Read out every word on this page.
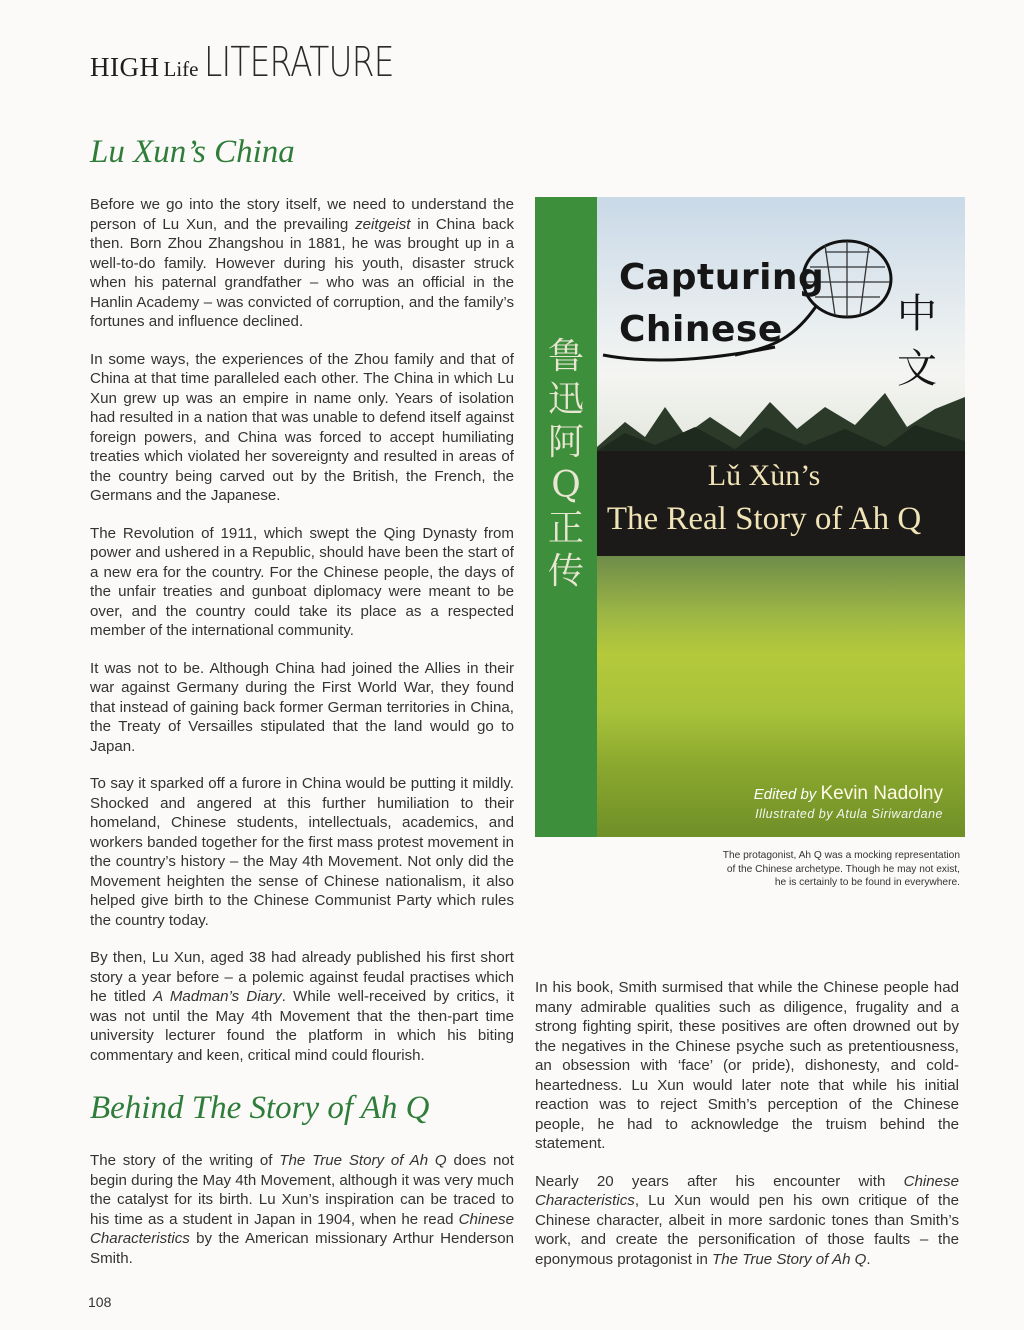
HIGH Life LITERATURE
Lu Xun’s China

Before we go into the story itself, we need to understand the person of Lu Xun, and the prevailing zeitgeist in China back then. Born Zhou Zhangshou in 1881, he was brought up in a well-to-do family. However during his youth, disaster struck when his paternal grandfather – who was an official in the Hanlin Academy – was convicted of corruption, and the family’s fortunes and influence declined.

In some ways, the experiences of the Zhou family and that of China at that time paralleled each other. The China in which Lu Xun grew up was an empire in name only. Years of isolation had resulted in a nation that was unable to defend itself against foreign powers, and China was forced to accept humiliating treaties which violated her sovereignty and resulted in areas of the country being carved out by the British, the French, the Germans and the Japanese.

The Revolution of 1911, which swept the Qing Dynasty from power and ushered in a Republic, should have been the start of a new era for the country. For the Chinese people, the days of the unfair treaties and gunboat diplomacy were meant to be over, and the country could take its place as a respected member of the international community.

It was not to be. Although China had joined the Allies in their war against Germany during the First World War, they found that instead of gaining back former German territories in China, the Treaty of Versailles stipulated that the land would go to Japan.

To say it sparked off a furore in China would be putting it mildly. Shocked and angered at this further humiliation to their homeland, Chinese students, intellectuals, academics, and workers banded together for the first mass protest movement in the country’s history – the May 4th Movement. Not only did the Movement heighten the sense of Chinese nationalism, it also helped give birth to the Chinese Communist Party which rules the country today.

By then, Lu Xun, aged 38 had already published his first short story a year before – a polemic against feudal practises which he titled A Madman’s Diary. While well-received by critics, it was not until the May 4th Movement that the then-part time university lecturer found the platform in which his biting commentary and keen, critical mind could flourish.

Behind The Story of Ah Q

The story of the writing of The True Story of Ah Q does not begin during the May 4th Movement, although it was very much the catalyst for its birth. Lu Xun’s inspiration can be traced to his time as a student in Japan in 1904, when he read Chinese Characteristics by the American missionary Arthur Henderson Smith.

鲁
迅
阿
Q
正
传
Capturing
Chinese	中
文
Lǔ Xùn’s
The Real Story of Ah Q
Edited by Kevin Nadolny
Illustrated by Atula Siriwardane
The protagonist, Ah Q was a mocking representation of the Chinese archetype. Though he may not exist, he is certainly to be found in everywhere.

In his book, Smith surmised that while the Chinese people had many admirable qualities such as diligence, frugality and a strong fighting spirit, these positives are often drowned out by the negatives in the Chinese psyche such as pretentiousness, an obsession with ‘face’ (or pride), dishonesty, and cold-heartedness. Lu Xun would later note that while his initial reaction was to reject Smith’s perception of the Chinese people, he had to acknowledge the truism behind the statement.

Nearly 20 years after his encounter with Chinese Characteristics, Lu Xun would pen his own critique of the Chinese character, albeit in more sardonic tones than Smith’s work, and create the personification of those faults – the eponymous protagonist in The True Story of Ah Q.

108
